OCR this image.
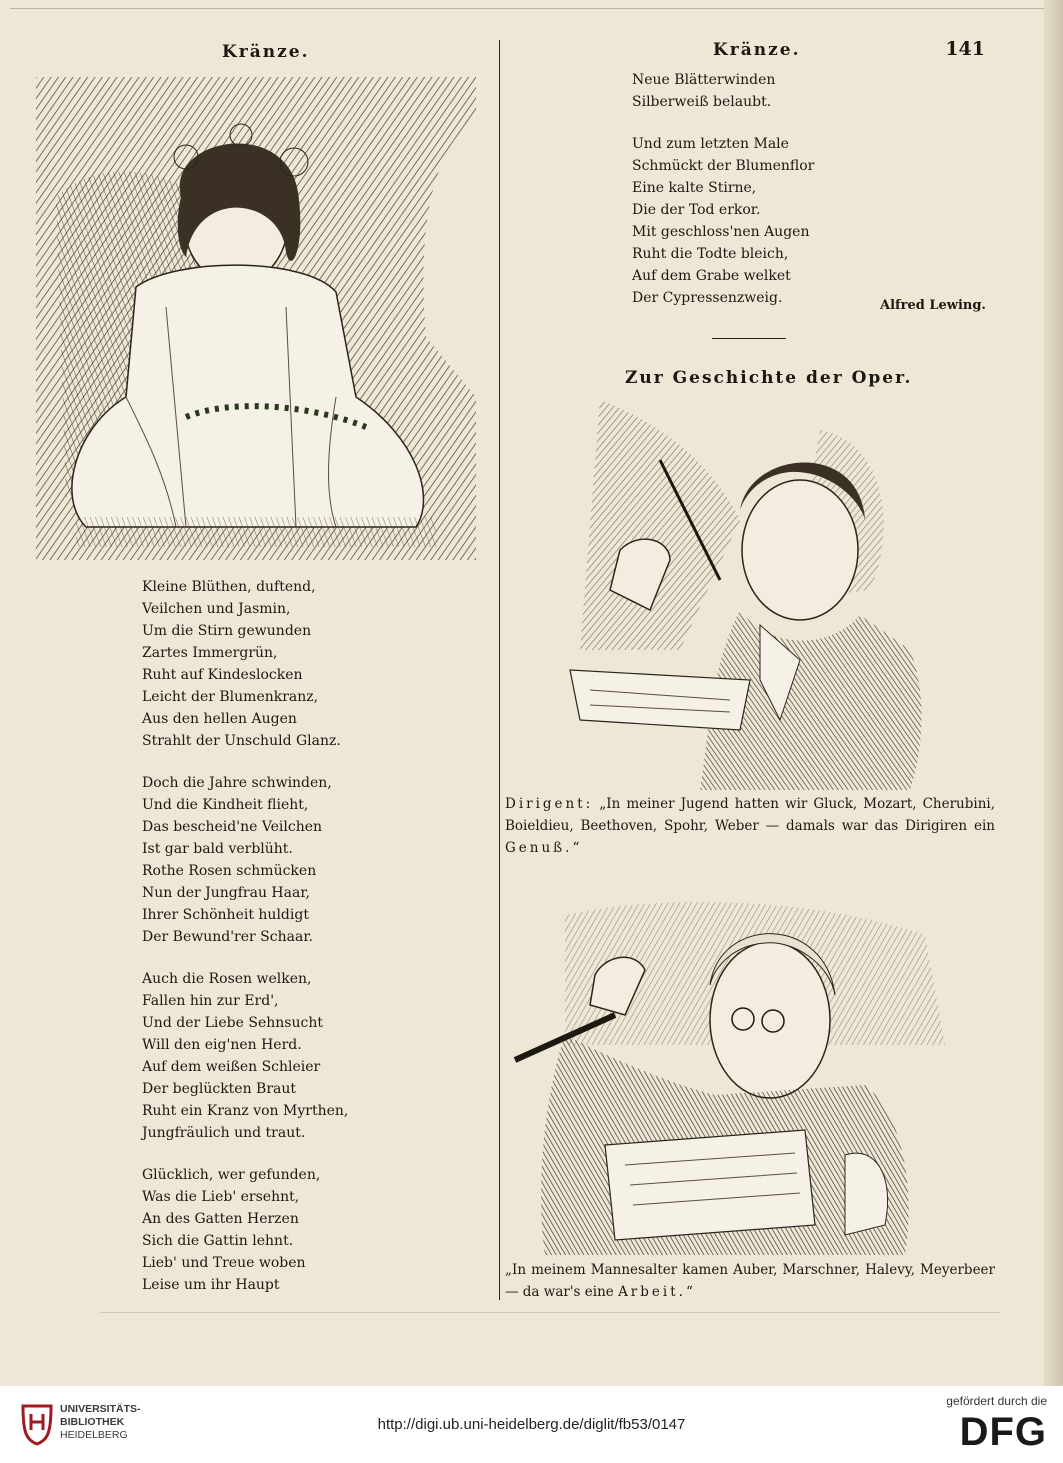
Kränze.	Kränze.	141
Kleine Blüthen, duftend,
Veilchen und Jasmin,
Um die Stirn gewunden
Zartes Immergrün,
Ruht auf Kindeslocken
Leicht der Blumenkranz,
Aus den hellen Augen
Strahlt der Unschuld Glanz.
Doch die Jahre schwinden,
Und die Kindheit flieht,
Das bescheid'ne Veilchen
Ist gar bald verblüht.
Rothe Rosen schmücken
Nun der Jungfrau Haar,
Ihrer Schönheit huldigt
Der Bewund'rer Schaar.
Auch die Rosen welken,
Fallen hin zur Erd',
Und der Liebe Sehnsucht
Will den eig'nen Herd.
Auf dem weißen Schleier
Der beglückten Braut
Ruht ein Kranz von Myrthen,
Jungfräulich und traut.
Glücklich, wer gefunden,
Was die Lieb' ersehnt,
An des Gatten Herzen
Sich die Gattin lehnt.
Lieb' und Treue woben
Leise um ihr Haupt
Neue Blätterwinden
Silberweiß belaubt.
Und zum letzten Male
Schmückt der Blumenflor
Eine kalte Stirne,
Die der Tod erkor.
Mit geschloss'nen Augen
Ruht die Todte bleich,
Auf dem Grabe welket
Der Cypressenzweig.	Alfred Lewing.
Zur Geschichte der Oper.
Dirigent: „In meiner Jugend hatten wir Gluck, Mozart, Cherubini, Boieldieu, Beethoven, Spohr, Weber — damals war das Dirigiren ein Genuß.“
„In meinem Mannesalter kamen Auber, Marschner, Halevy, Meyerbeer — da war's eine Arbeit.“
UNIVERSITÄTS-
BIBLIOTHEK
HEIDELBERG
http://digi.ub.uni-heidelberg.de/diglit/fb53/0147
gefördert durch die
DFG
